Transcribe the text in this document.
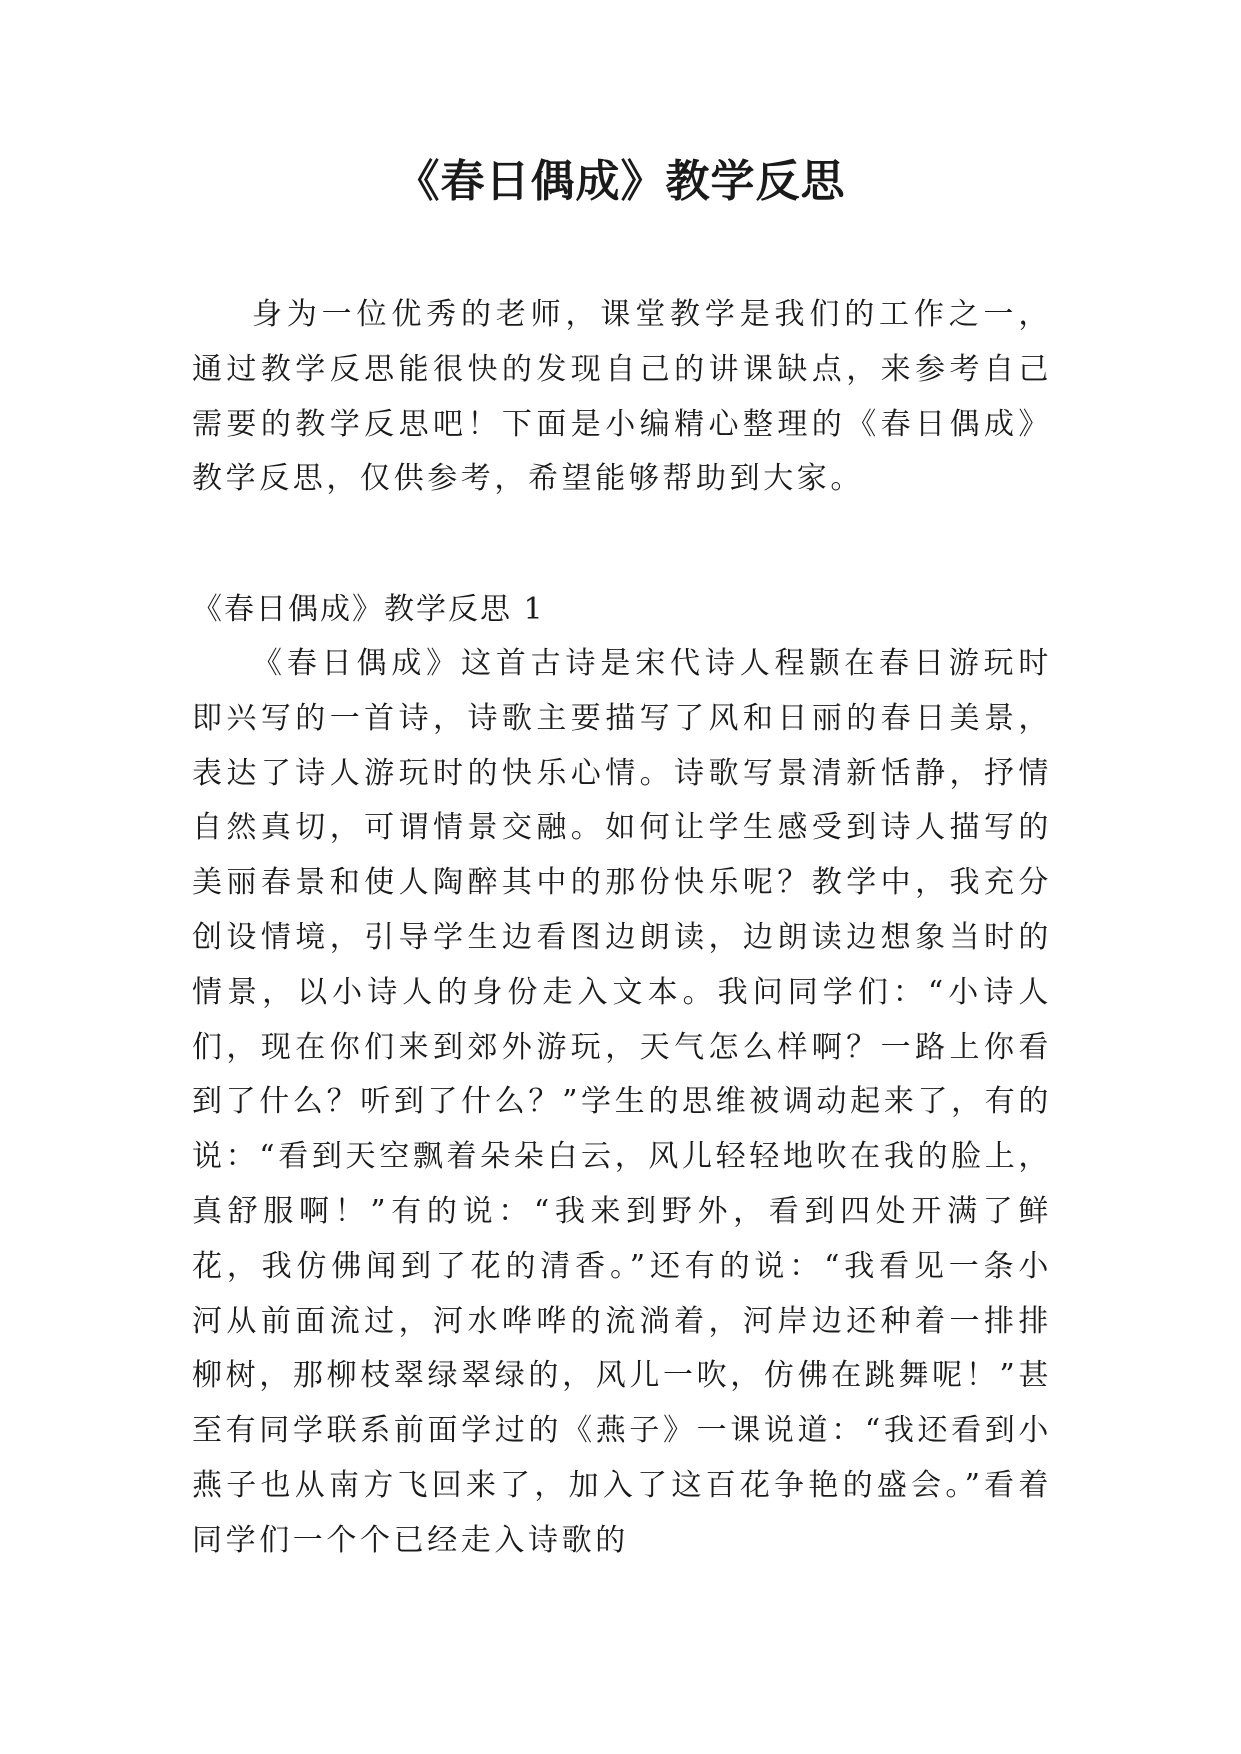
《春日偶成》教学反思

身为一位优秀的老师，课堂教学是我们的工作之一，通过教学反思能很快的发现自己的讲课缺点，来参考自己需要的教学反思吧！下面是小编精心整理的《春日偶成》教学反思，仅供参考，希望能够帮助到大家。

《春日偶成》教学反思 1

《春日偶成》这首古诗是宋代诗人程颢在春日游玩时即兴写的一首诗，诗歌主要描写了风和日丽的春日美景，表达了诗人游玩时的快乐心情。诗歌写景清新恬静，抒情自然真切，可谓情景交融。如何让学生感受到诗人描写的美丽春景和使人陶醉其中的那份快乐呢？教学中，我充分创设情境，引导学生边看图边朗读，边朗读边想象当时的情景，以小诗人的身份走入文本。我问同学们：“小诗人们，现在你们来到郊外游玩，天气怎么样啊？一路上你看到了什么？听到了什么？”学生的思维被调动起来了，有的说：“看到天空飘着朵朵白云，风儿轻轻地吹在我的脸上，真舒服啊！”有的说：“我来到野外，看到四处开满了鲜花，我仿佛闻到了花的清香。”还有的说：“我看见一条小河从前面流过，河水哗哗的流淌着，河岸边还种着一排排柳树，那柳枝翠绿翠绿的，风儿一吹，仿佛在跳舞呢！”甚至有同学联系前面学过的《燕子》一课说道：“我还看到小燕子也从南方飞回来了，加入了这百花争艳的盛会。”看着同学们一个个已经走入诗歌的
